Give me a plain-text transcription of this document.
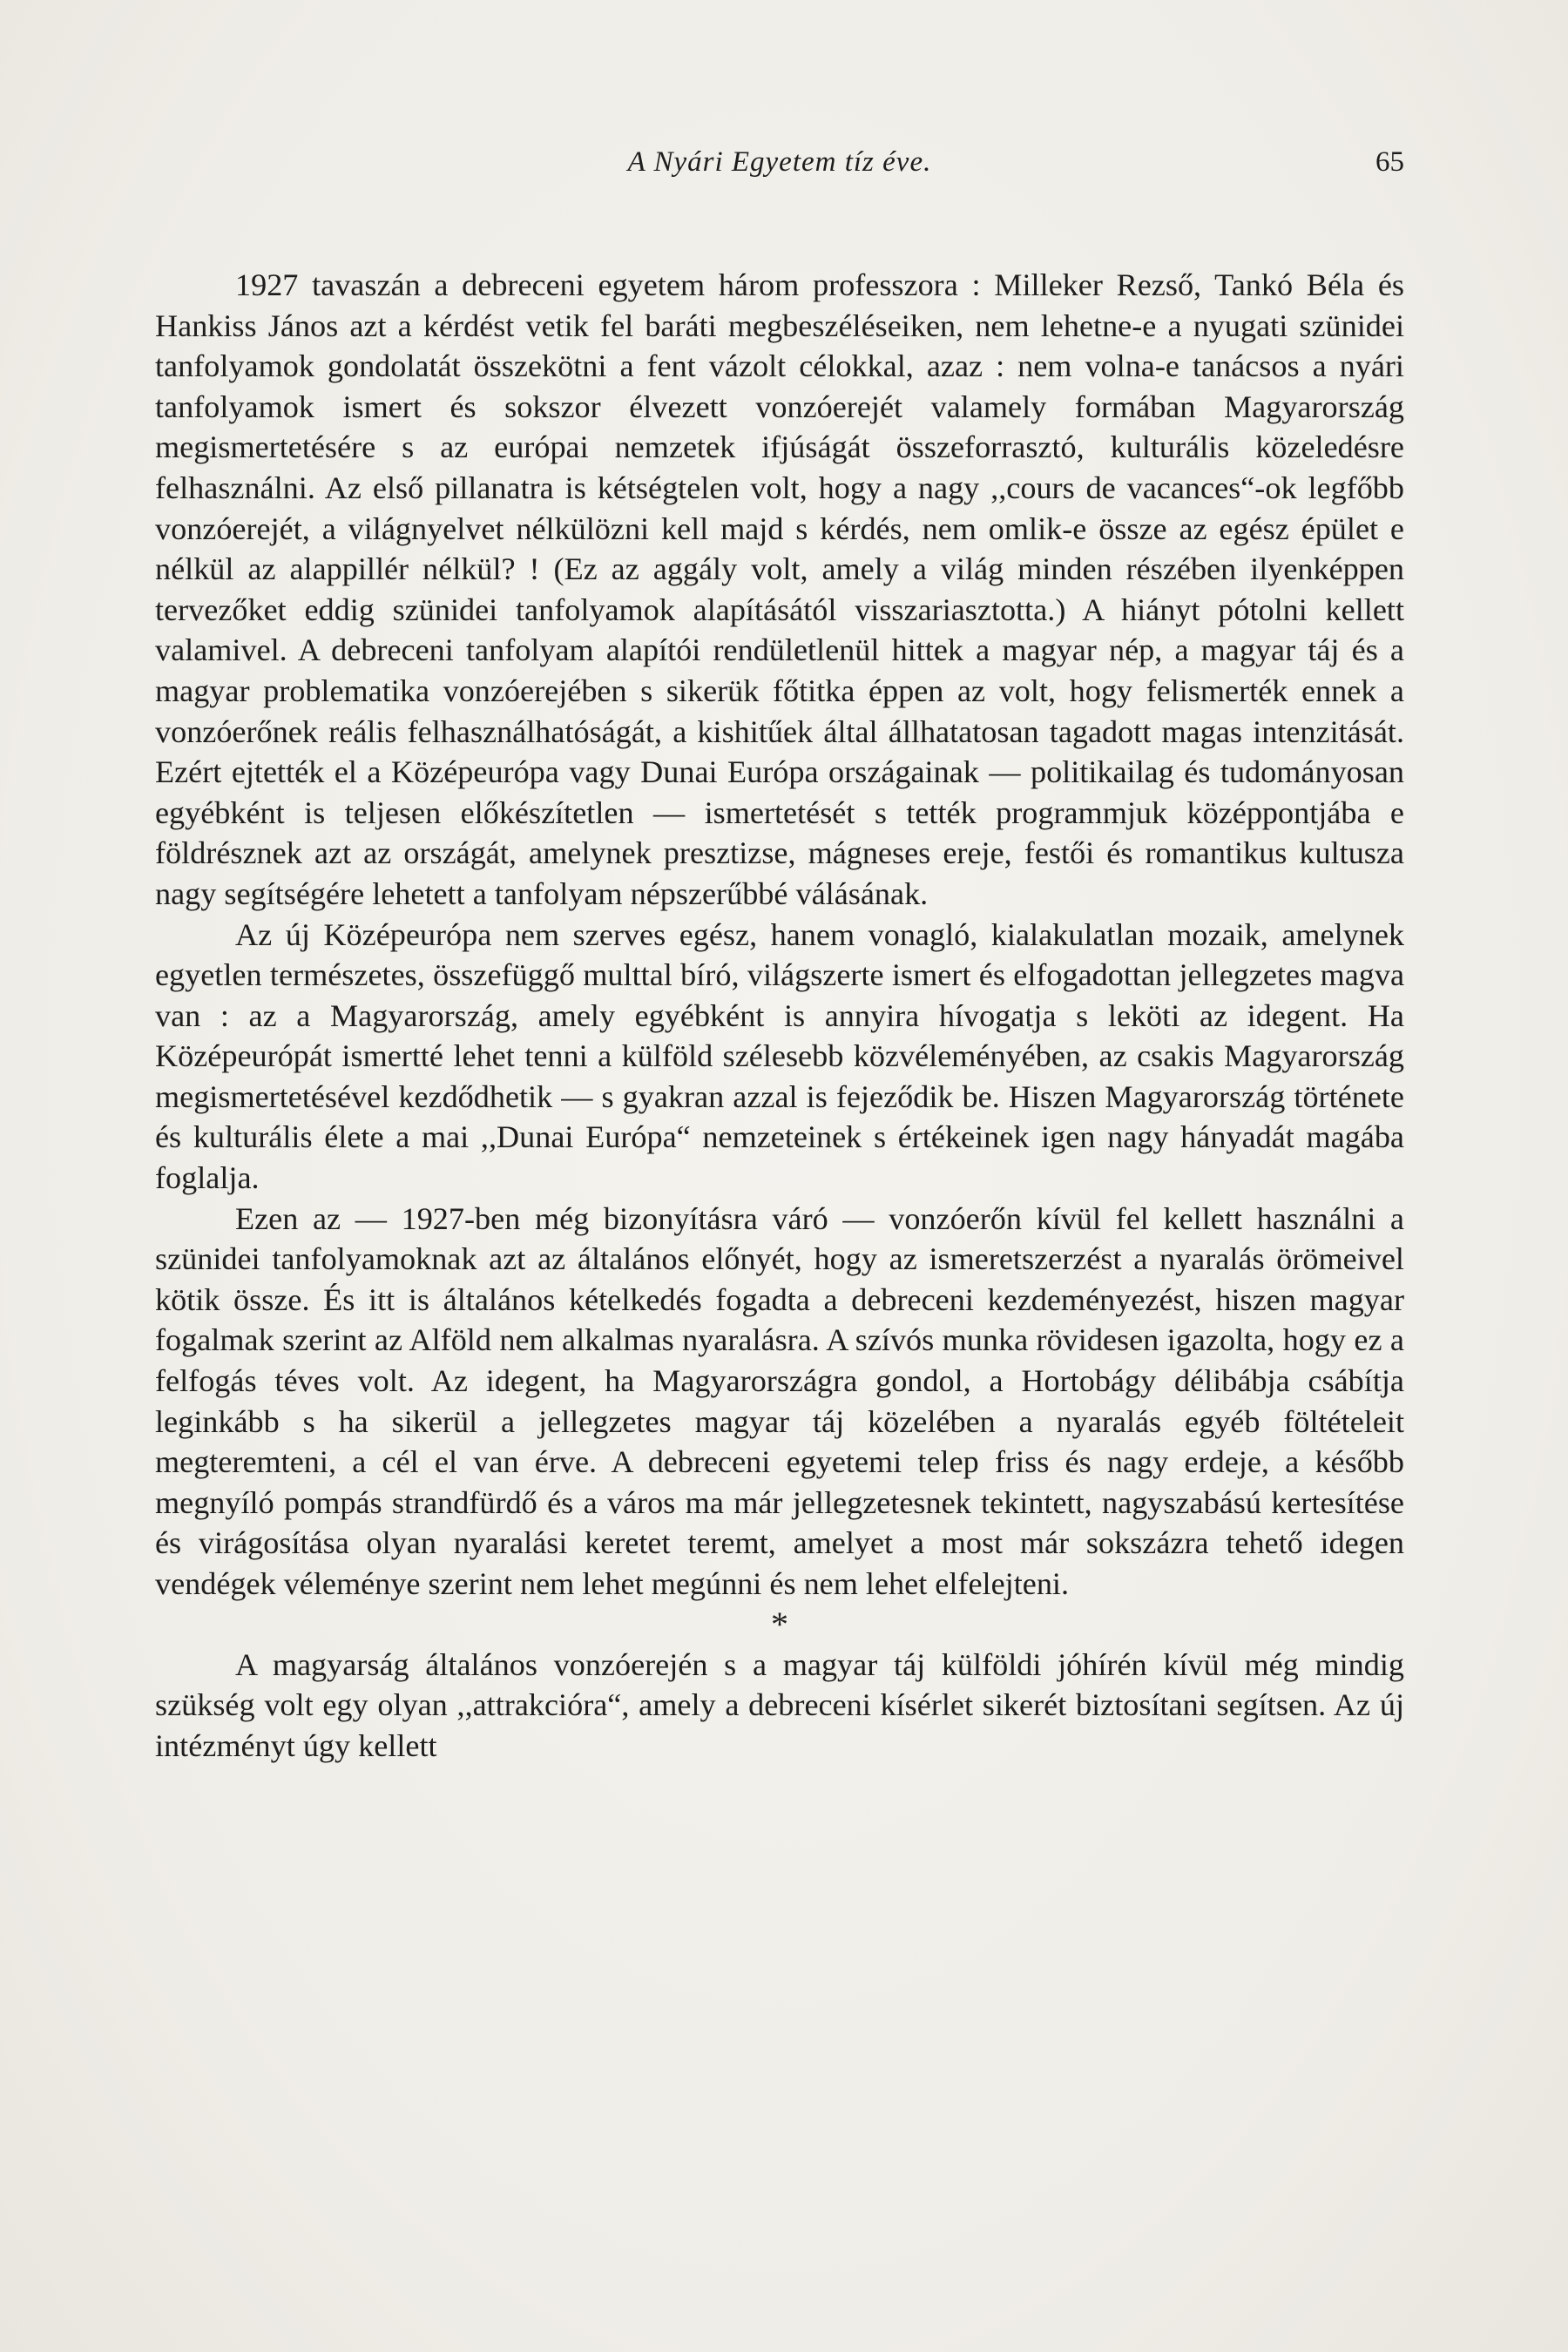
A Nyári Egyetem tíz éve.	65

1927 tavaszán a debreceni egyetem három professzora : Milleker Rezső, Tankó Béla és Hankiss János azt a kérdést vetik fel baráti megbeszéléseiken, nem lehetne-e a nyugati szünidei tanfolyamok gondolatát összekötni a fent vázolt célokkal, azaz : nem volna-e tanácsos a nyári tanfolyamok ismert és sokszor élvezett vonzóerejét valamely formában Magyarország megismertetésére s az európai nemzetek ifjúságát összeforrasztó, kulturális közeledésre felhasználni. Az első pillanatra is kétségtelen volt, hogy a nagy ,,cours de vacances“-ok legfőbb vonzóerejét, a világnyelvet nélkülözni kell majd s kérdés, nem omlik-e össze az egész épület e nélkül az alappillér nélkül? ! (Ez az aggály volt, amely a világ minden részében ilyenképpen tervezőket eddig szünidei tanfolyamok alapításától visszariasztotta.) A hiányt pótolni kellett valamivel. A debreceni tanfolyam alapítói rendületlenül hittek a magyar nép, a magyar táj és a magyar problematika vonzóerejében s sikerük főtitka éppen az volt, hogy felismerték ennek a vonzóerőnek reális felhasználhatóságát, a kishitűek által állhatatosan tagadott magas intenzitását. Ezért ejtették el a Középeurópa vagy Dunai Európa országainak — politikailag és tudományosan egyébként is teljesen előkészítetlen — ismertetését s tették programmjuk középpontjába e földrésznek azt az országát, amelynek presztizse, mágneses ereje, festői és romantikus kultusza nagy segítségére lehetett a tanfolyam népszerűbbé válásának.

Az új Középeurópa nem szerves egész, hanem vonagló, kialakulatlan mozaik, amelynek egyetlen természetes, összefüggő multtal bíró, világszerte ismert és elfogadottan jellegzetes magva van : az a Magyarország, amely egyébként is annyira hívogatja s leköti az idegent. Ha Középeurópát ismertté lehet tenni a külföld szélesebb közvéleményében, az csakis Magyarország megismertetésével kezdődhetik — s gyakran azzal is fejeződik be. Hiszen Magyarország története és kulturális élete a mai ,,Dunai Európa“ nemzeteinek s értékeinek igen nagy hányadát magába foglalja.

Ezen az — 1927-ben még bizonyításra váró — vonzóerőn kívül fel kellett használni a szünidei tanfolyamoknak azt az általános előnyét, hogy az ismeretszerzést a nyaralás örömeivel kötik össze. És itt is általános kételkedés fogadta a debreceni kezdeményezést, hiszen magyar fogalmak szerint az Alföld nem alkalmas nyaralásra. A szívós munka rövidesen igazolta, hogy ez a felfogás téves volt. Az idegent, ha Magyarországra gondol, a Hortobágy délibábja csábítja leginkább s ha sikerül a jellegzetes magyar táj közelében a nyaralás egyéb föltételeit megteremteni, a cél el van érve. A debreceni egyetemi telep friss és nagy erdeje, a később megnyíló pompás strandfürdő és a város ma már jellegzetesnek tekintett, nagyszabású kertesítése és virágosítása olyan nyaralási keretet teremt, amelyet a most már sokszázra tehető idegen vendégek véleménye szerint nem lehet megúnni és nem lehet elfelejteni.

*

A magyarság általános vonzóerején s a magyar táj külföldi jóhírén kívül még mindig szükség volt egy olyan ,,attrakcióra“, amely a debreceni kísérlet sikerét biztosítani segítsen. Az új intézményt úgy kellett
